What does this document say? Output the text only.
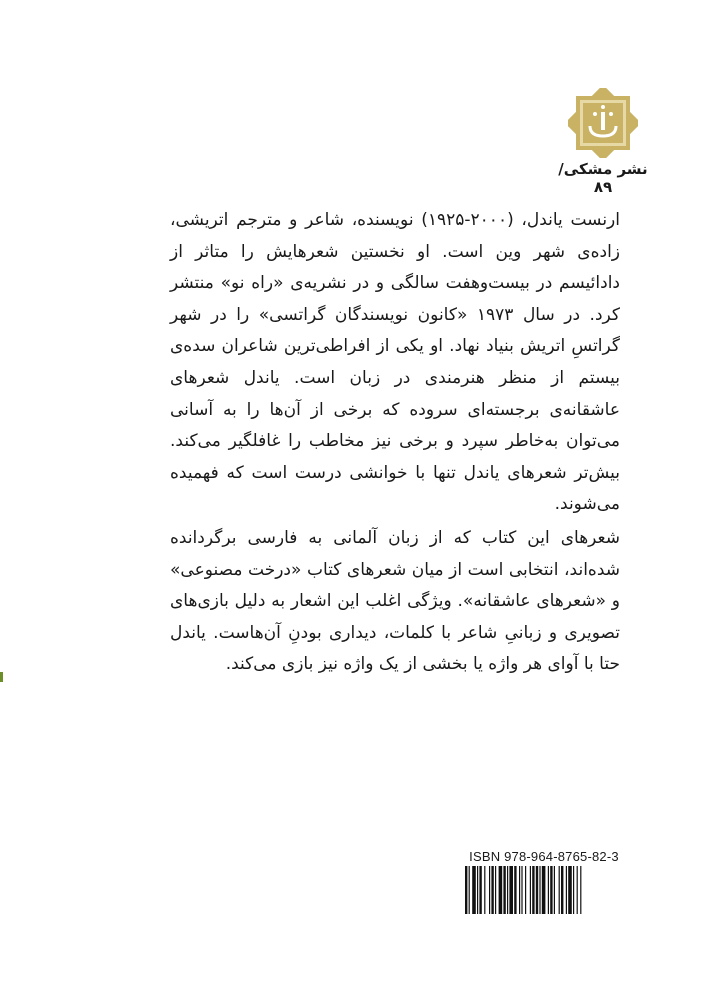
نشر مشکی/۸۹

ارنست یاندل، (۲۰۰۰-۱۹۲۵) نویسنده، شاعر و مترجم اتریشی، زاده‌ی شهر وین است. او نخستین شعرهایش را متاثر از دادائیسم در بیست‌و‌هفت سالگی و در نشریه‌ی «راه نو» منتشر کرد. در سال ۱۹۷۳ «کانون نویسندگان گراتسی» را در شهر گراتسِ اتریش بنیاد نهاد. او یکی از افراطی‌ترین شاعران سده‌ی بیستم از منظر هنرمندی در زبان است. یاندل شعرهای عاشقانه‌ی برجسته‌ای سروده که برخی از آن‌ها را به آسانی می‌توان به‌خاطر سپرد و برخی نیز مخاطب را غافلگیر می‌کند. بیش‌تر شعرهای یاندل تنها با خوانشی درست است که فهمیده می‌شوند.

شعرهای این کتاب که از زبان آلمانی به فارسی برگردانده شده‌اند، انتخابی است از میان شعرهای کتاب «درخت مصنوعی» و «شعرهای عاشقانه». ویژگی اغلب این اشعار به دلیل بازی‌های تصویری و زبانیِ شاعر با کلمات، دیداری بودنِ آن‌هاست. یاندل حتا با آوای هر واژه یا بخشی از یک واژه نیز بازی می‌کند.

ISBN 978-964-8765-82-3
